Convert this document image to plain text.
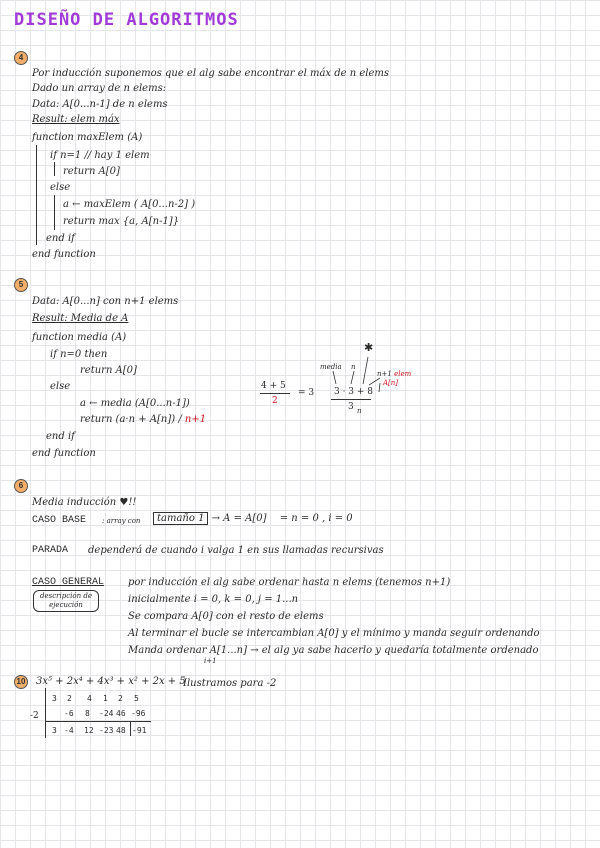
DISEÑO DE ALGORITMOS
4
Por inducción suponemos que el alg sabe encontrar el máx de n elems
Dado un array de n elems:
Data: A[0...n-1] de n elems
Result: elem máx
function maxElem (A)
if n=1 // hay 1 elem
return A[0]
else
a ← maxElem ( A[0...n-2] )
return max {a, A[n-1]}
end if
end function
5
Data: A[0...n] con n+1 elems
Result: Media de A
function media (A)
if n=0 then
return A[0]
else
a ← media (A[0...n-1])
return (a·n + A[n]) / n+1
end if
end function
4 + 5
2
= 3
media n
✱
n+1 elem
A[n]
3 · 3 + 8
3 n
6
Media inducción ♥!!
CASO BASE : array con	tamaño 1 → A = A[0] = n = 0 , i = 0
PARADA dependerá de cuando i valga 1 en sus llamadas recursivas
CASO GENERAL
descripción de ejecución
por inducción el alg sabe ordenar hasta n elems (tenemos n+1)
inicialmente i = 0, k = 0, j = 1...n
Se compara A[0] con el resto de elems
Al terminar el bucle se intercambian A[0] y el mínimo y manda seguir ordenando
Manda ordenar A[1...n] → el alg ya sabe hacerlo y quedaría totalmente ordenado
i+1
10 3x⁵ + 2x⁴ + 4x³ + x² + 2x + 5
Ilustramos para -2
-2
3 2 4 1 2 5
-6 8 -24 46 -96
3 -4 12 -23 48 -91
